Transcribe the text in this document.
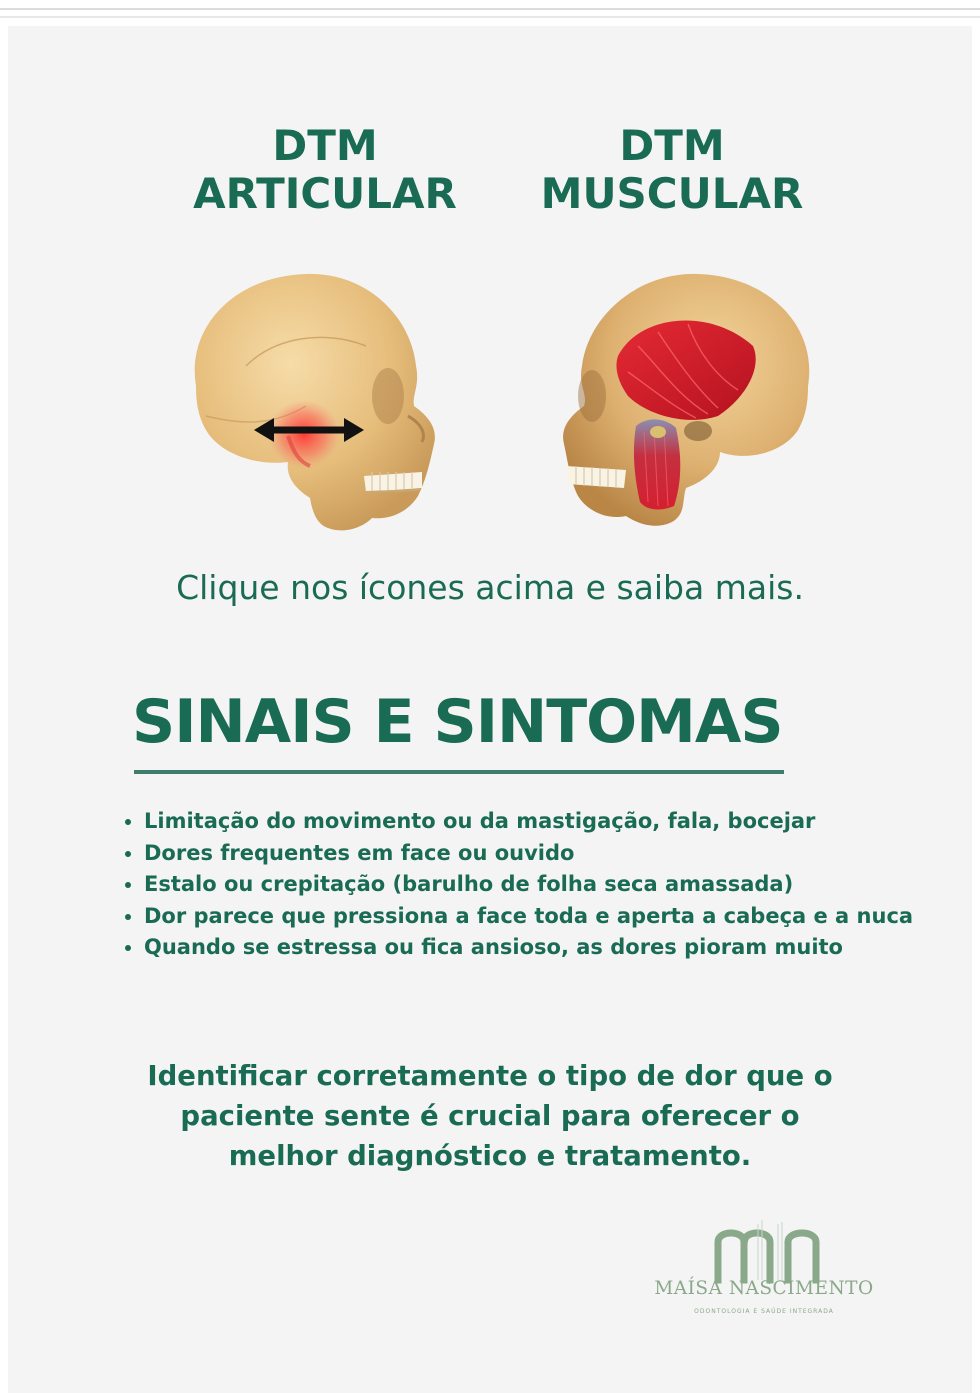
DTM
ARTICULAR
DTM
MUSCULAR
Clique nos ícones acima e saiba mais.
SINAIS E SINTOMAS
• Limitação do movimento ou da mastigação, fala, bocejar
• Dores frequentes em face ou ouvido
• Estalo ou crepitação (barulho de folha seca amassada)
• Dor parece que pressiona a face toda e aperta a cabeça e a nuca
• Quando se estressa ou fica ansioso, as dores pioram muito
Identificar corretamente o tipo de dor que o
paciente sente é crucial para oferecer o
melhor diagnóstico e tratamento.
MAÍSA NASCIMENTO
ODONTOLOGIA E SAÚDE INTEGRADA
